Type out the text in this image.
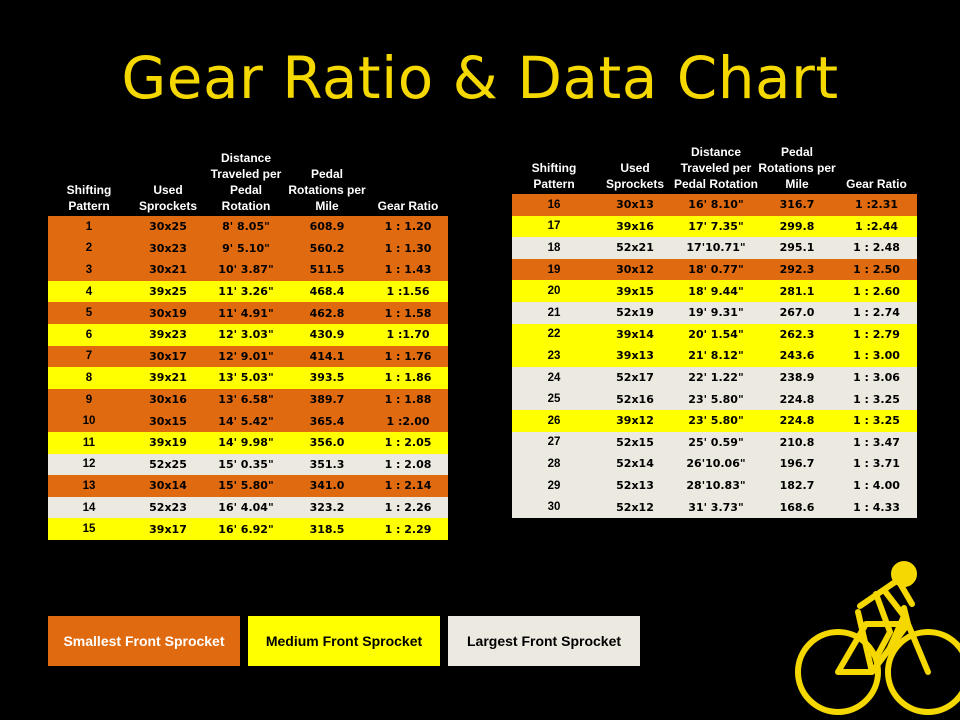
Gear Ratio & Data Chart
Shifting Pattern	Used Sprockets	Distance Traveled per Pedal Rotation	Pedal Rotations per Mile	Gear Ratio
1	30x25	8' 8.05"	608.9	1 : 1.20
2	30x23	9' 5.10"	560.2	1 : 1.30
3	30x21	10' 3.87"	511.5	1 : 1.43
4	39x25	11' 3.26"	468.4	1 :1.56
5	30x19	11' 4.91"	462.8	1 : 1.58
6	39x23	12' 3.03"	430.9	1 :1.70
7	30x17	12' 9.01"	414.1	1 : 1.76
8	39x21	13' 5.03"	393.5	1 : 1.86
9	30x16	13' 6.58"	389.7	1 : 1.88
10	30x15	14' 5.42"	365.4	1 :2.00
11	39x19	14' 9.98"	356.0	1 : 2.05
12	52x25	15' 0.35"	351.3	1 : 2.08
13	30x14	15' 5.80"	341.0	1 : 2.14
14	52x23	16' 4.04"	323.2	1 : 2.26
15	39x17	16' 6.92"	318.5	1 : 2.29
Shifting Pattern	Used Sprockets	Distance Traveled per Pedal Rotation	Pedal Rotations per Mile	Gear Ratio
16	30x13	16' 8.10"	316.7	1 :2.31
17	39x16	17' 7.35"	299.8	1 :2.44
18	52x21	17'10.71"	295.1	1 : 2.48
19	30x12	18' 0.77"	292.3	1 : 2.50
20	39x15	18' 9.44"	281.1	1 : 2.60
21	52x19	19' 9.31"	267.0	1 : 2.74
22	39x14	20' 1.54"	262.3	1 : 2.79
23	39x13	21' 8.12"	243.6	1 : 3.00
24	52x17	22' 1.22"	238.9	1 : 3.06
25	52x16	23' 5.80"	224.8	1 : 3.25
26	39x12	23' 5.80"	224.8	1 : 3.25
27	52x15	25' 0.59"	210.8	1 : 3.47
28	52x14	26'10.06"	196.7	1 : 3.71
29	52x13	28'10.83"	182.7	1 : 4.00
30	52x12	31' 3.73"	168.6	1 : 4.33
Smallest Front Sprocket	Medium Front Sprocket	Largest Front Sprocket
